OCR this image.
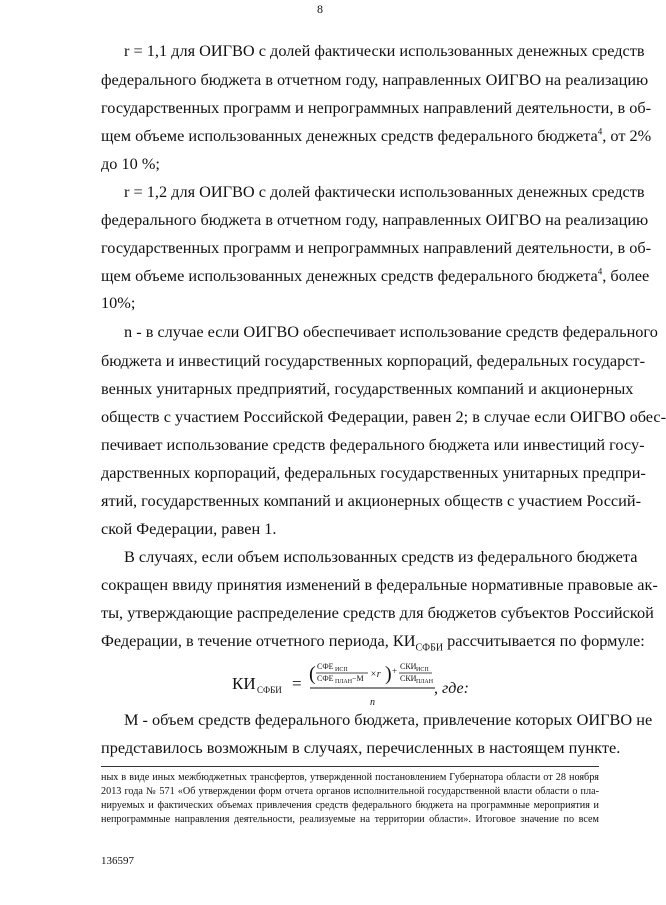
8
r = 1,1 для ОИГВО с долей фактически использованных денежных средств
федерального бюджета в отчетном году, направленных ОИГВО на реализацию
государственных программ и непрограммных направлений деятельности, в об-
щем объеме использованных денежных средств федерального бюджета$^4$, от 2%
до 10 %;
r = 1,2 для ОИГВО с долей фактически использованных денежных средств
федерального бюджета в отчетном году, направленных ОИГВО на реализацию
государственных программ и непрограммных направлений деятельности, в об-
щем объеме использованных денежных средств федерального бюджета$^4$, более
10%;
n - в случае если ОИГВО обеспечивает использование средств федерального
бюджета и инвестиций государственных корпораций, федеральных государст-
венных унитарных предприятий, государственных компаний и акционерных
обществ с участием Российской Федерации, равен 2; в случае если ОИГВО обес-
печивает использование средств федерального бюджета или инвестиций госу-
дарственных корпораций, федеральных государственных унитарных предпри-
ятий, государственных компаний и акционерных обществ с участием Россий-
ской Федерации, равен 1.
В случаях, если объем использованных средств из федерального бюджета
сокращен ввиду принятия изменений в федеральные нормативные правовые ак-
ты, утверждающие распределение средств для бюджетов субъектов Российской
Федерации, в течение отчетного периода, $КИ_{СФБИ}$ рассчитывается по формуле:
КИ СФБИ = ( СФЕ ИСП
СФЕ ПЛАН −М ×r ) + СКИ ИСП
СКИ ПЛАН
n
, где:
М - объем средств федерального бюджета, привлечение которых ОИГВО не
представилось возможным в случаях, перечисленных в настоящем пункте.
ных в виде иных межбюджетных трансфертов, утвержденной постановлением Губернатора области от 28 ноября
2013 года № 571 «Об утверждении форм отчета органов исполнительной государственной власти области о пла-
нируемых и фактических объемах привлечения средств федерального бюджета на программные мероприятия и
непрограммные направления деятельности, реализуемые на территории области». Итоговое значение по всем
136597
